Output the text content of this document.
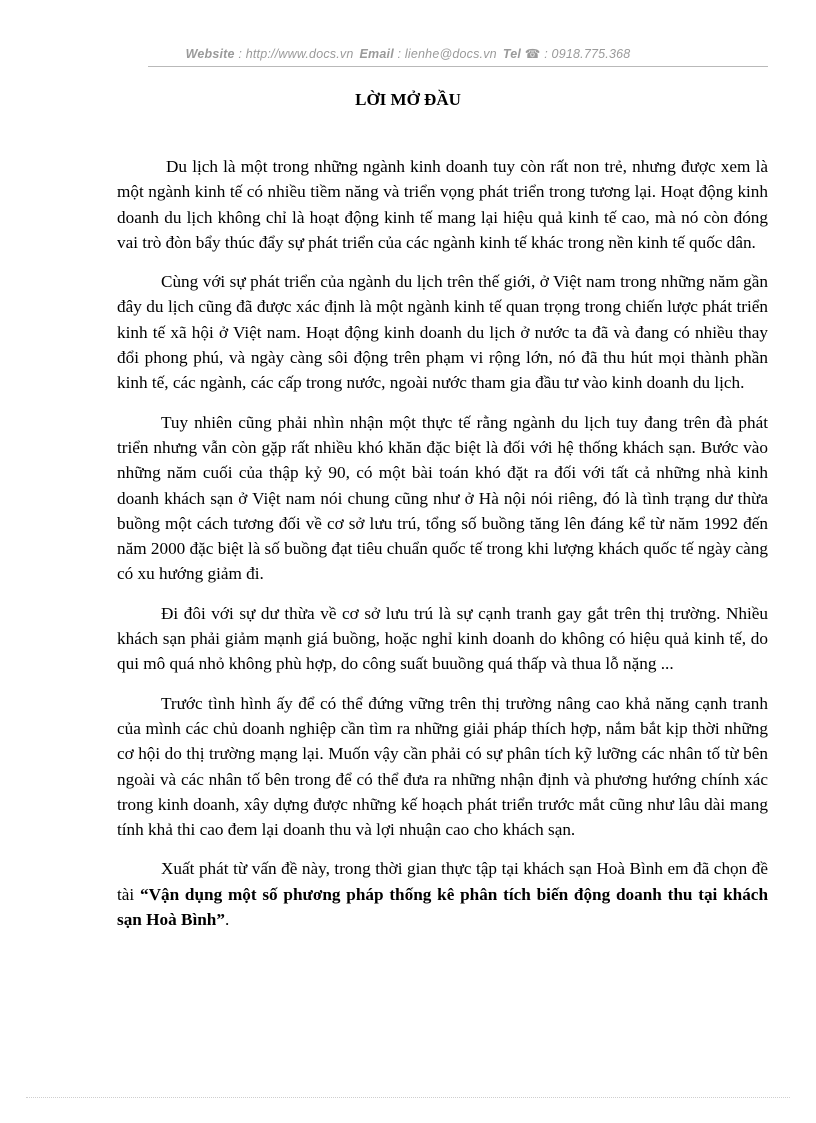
Website : http://www.docs.vn Email : lienhe@docs.vn Tel ☎ : 0918.775.368
LỜI MỞ ĐẦU

Du lịch là một trong những ngành kinh doanh tuy còn rất non trẻ, nhưng được xem là một ngành kinh tế có nhiều tiềm năng và triển vọng phát triển trong tương lại. Hoạt động kinh doanh du lịch không chỉ là hoạt động kinh tế mang lại hiệu quả kinh tế cao, mà nó còn đóng vai trò đòn bẩy thúc đẩy sự phát triển của các ngành kinh tế khác trong nền kinh tế quốc dân.

Cùng với sự phát triển của ngành du lịch trên thế giới, ở Việt nam trong những năm gần đây du lịch cũng đã được xác định là một ngành kinh tế quan trọng trong chiến lược phát triển kinh tế xã hội ở Việt nam. Hoạt động kinh doanh du lịch ở nước ta đã và đang có nhiều thay đổi phong phú, và ngày càng sôi động trên phạm vi rộng lớn, nó đã thu hút mọi thành phần kinh tế, các ngành, các cấp trong nước, ngoài nước tham gia đầu tư vào kinh doanh du lịch.

Tuy nhiên cũng phải nhìn nhận một thực tế rằng ngành du lịch tuy đang trên đà phát triển nhưng vẫn còn gặp rất nhiều khó khăn đặc biệt là đối với hệ thống khách sạn. Bước vào những năm cuối của thập kỷ 90, có một bài toán khó đặt ra đối với tất cả những nhà kinh doanh khách sạn ở Việt nam nói chung cũng như ở Hà nội nói riêng, đó là tình trạng dư thừa buồng một cách tương đối về cơ sở lưu trú, tổng số buồng tăng lên đáng kể từ năm 1992 đến năm 2000 đặc biệt là số buồng đạt tiêu chuẩn quốc tế trong khi lượng khách quốc tế ngày càng có xu hướng giảm đi.

Đi đôi với sự dư thừa về cơ sở lưu trú là sự cạnh tranh gay gắt trên thị trường. Nhiều khách sạn phải giảm mạnh giá buồng, hoặc nghỉ kinh doanh do không có hiệu quả kinh tế, do qui mô quá nhỏ không phù hợp, do công suất buuồng quá thấp và thua lỗ nặng ...

Trước tình hình ấy để có thể đứng vững trên thị trường nâng cao khả năng cạnh tranh của mình các chủ doanh nghiệp cần tìm ra những giải pháp thích hợp, nắm bắt kịp thời những cơ hội do thị trường mạng lại. Muốn vậy cần phải có sự phân tích kỹ lưỡng các nhân tố từ bên ngoài và các nhân tố bên trong để có thể đưa ra những nhận định và phương hướng chính xác trong kinh doanh, xây dựng được những kế hoạch phát triển trước mắt cũng như lâu dài mang tính khả thi cao đem lại doanh thu và lợi nhuận cao cho khách sạn.

Xuất phát từ vấn đề này, trong thời gian thực tập tại khách sạn Hoà Bình em đã chọn đề tài “Vận dụng một số phương pháp thống kê phân tích biến động doanh thu tại khách sạn Hoà Bình”.
